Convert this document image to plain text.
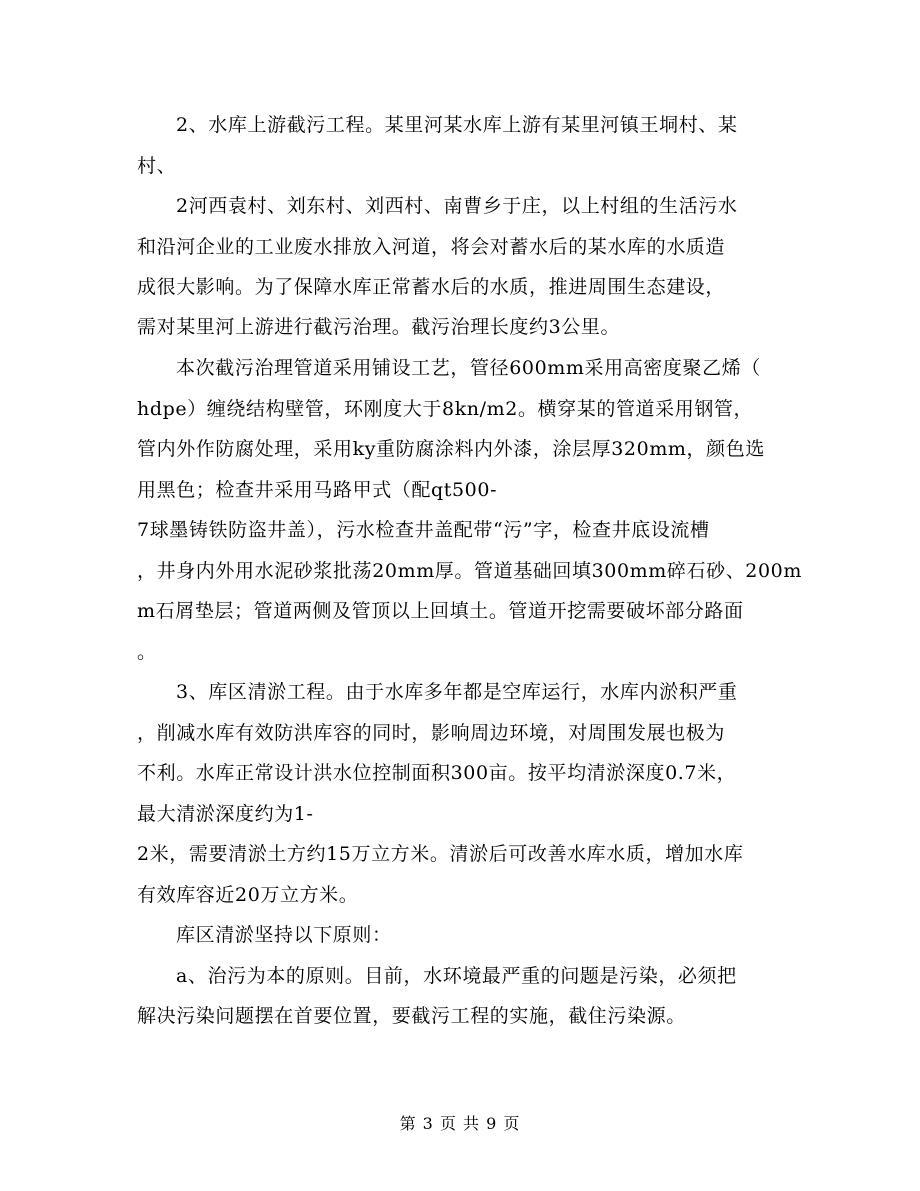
2、水库上游截污工程。某里河某水库上游有某里河镇王垌村、某
村、
2河西袁村、刘东村、刘西村、南曹乡于庄，以上村组的生活污水
和沿河企业的工业废水排放入河道，将会对蓄水后的某水库的水质造
成很大影响。为了保障水库正常蓄水后的水质，推进周围生态建设，
需对某里河上游进行截污治理。截污治理长度约3公里。
本次截污治理管道采用铺设工艺，管径600mm采用高密度聚乙烯（
hdpe）缠绕结构壁管，环刚度大于8kn/m2。横穿某的管道采用钢管，
管内外作防腐处理，采用ky重防腐涂料内外漆，涂层厚320mm，颜色选
用黑色；检查井采用马路甲式（配qt500-
7球墨铸铁防盗井盖），污水检查井盖配带“污”字，检查井底设流槽
，井身内外用水泥砂浆批荡20mm厚。管道基础回填300mm碎石砂、200m
m石屑垫层；管道两侧及管顶以上回填土。管道开挖需要破坏部分路面
。
3、库区清淤工程。由于水库多年都是空库运行，水库内淤积严重
，削减水库有效防洪库容的同时，影响周边环境，对周围发展也极为
不利。水库正常设计洪水位控制面积300亩。按平均清淤深度0.7米，
最大清淤深度约为1-
2米，需要清淤土方约15万立方米。清淤后可改善水库水质，增加水库
有效库容近20万立方米。
库区清淤坚持以下原则：
a、治污为本的原则。目前，水环境最严重的问题是污染，必须把
解决污染问题摆在首要位置，要截污工程的实施，截住污染源。
第 3 页 共 9 页
